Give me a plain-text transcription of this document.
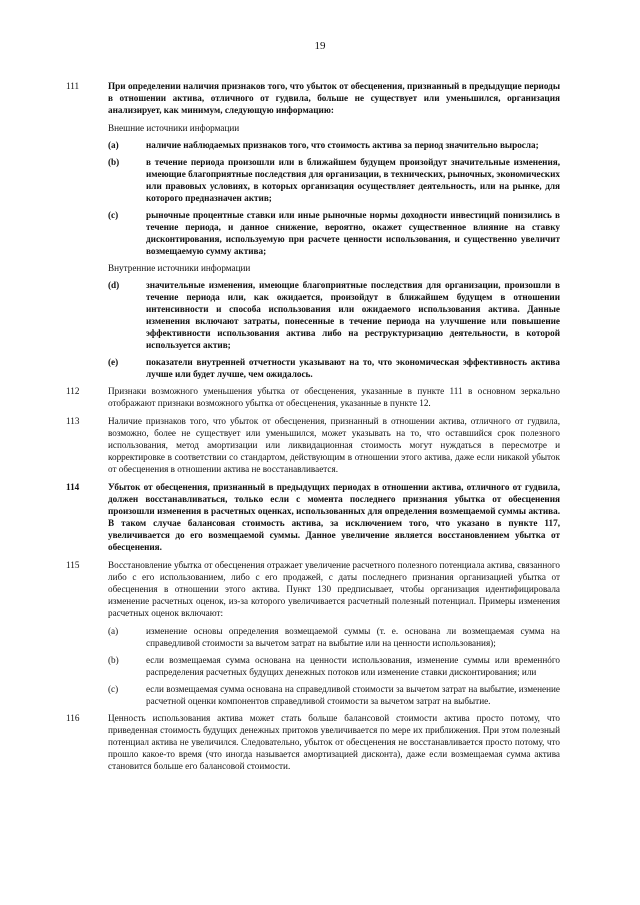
19
111	При определении наличия признаков того, что убыток от обесценения, признанный в предыдущие периоды в отношении актива, отличного от гудвила, больше не существует или уменьшился, организация анализирует, как минимум, следующую информацию:
Внешние источники информации
(a)	наличие наблюдаемых признаков того, что стоимость актива за период значительно выросла;
(b)	в течение периода произошли или в ближайшем будущем произойдут значительные изменения, имеющие благоприятные последствия для организации, в технических, рыночных, экономических или правовых условиях, в которых организация осуществляет деятельность, или на рынке, для которого предназначен актив;
(c)	рыночные процентные ставки или иные рыночные нормы доходности инвестиций понизились в течение периода, и данное снижение, вероятно, окажет существенное влияние на ставку дисконтирования, используемую при расчете ценности использования, и существенно увеличит возмещаемую сумму актива;
Внутренние источники информации
(d)	значительные изменения, имеющие благоприятные последствия для организации, произошли в течение периода или, как ожидается, произойдут в ближайшем будущем в отношении интенсивности и способа использования или ожидаемого использования актива. Данные изменения включают затраты, понесенные в течение периода на улучшение или повышение эффективности использования актива либо на реструктуризацию деятельности, в которой используется актив;
(e)	показатели внутренней отчетности указывают на то, что экономическая эффективность актива лучше или будет лучше, чем ожидалось.
112	Признаки возможного уменьшения убытка от обесценения, указанные в пункте 111 в основном зеркально отображают признаки возможного убытка от обесценения, указанные в пункте 12.
113	Наличие признаков того, что убыток от обесценения, признанный в отношении актива, отличного от гудвила, возможно, более не существует или уменьшился, может указывать на то, что оставшийся срок полезного использования, метод амортизации или ликвидационная стоимость могут нуждаться в пересмотре и корректировке в соответствии со стандартом, действующим в отношении этого актива, даже если никакой убыток от обесценения в отношении актива не восстанавливается.
114	Убыток от обесценения, признанный в предыдущих периодах в отношении актива, отличного от гудвила, должен восстанавливаться, только если с момента последнего признания убытка от обесценения произошли изменения в расчетных оценках, использованных для определения возмещаемой суммы актива. В таком случае балансовая стоимость актива, за исключением того, что указано в пункте 117, увеличивается до его возмещаемой суммы. Данное увеличение является восстановлением убытка от обесценения.
115	Восстановление убытка от обесценения отражает увеличение расчетного полезного потенциала актива, связанного либо с его использованием, либо с его продажей, с даты последнего признания организацией убытка от обесценения в отношении этого актива. Пункт 130 предписывает, чтобы организация идентифицировала изменение расчетных оценок, из-за которого увеличивается расчетный полезный потенциал. Примеры изменения расчетных оценок включают:
(a)	изменение основы определения возмещаемой суммы (т. е. основана ли возмещаемая сумма на справедливой стоимости за вычетом затрат на выбытие или на ценности использования);
(b)	если возмещаемая сумма основана на ценности использования, изменение суммы или временнóго распределения расчетных будущих денежных потоков или изменение ставки дисконтирования; или
(c)	если возмещаемая сумма основана на справедливой стоимости за вычетом затрат на выбытие, изменение расчетной оценки компонентов справедливой стоимости за вычетом затрат на выбытие.
116	Ценность использования актива может стать больше балансовой стоимости актива просто потому, что приведенная стоимость будущих денежных притоков увеличивается по мере их приближения. При этом полезный потенциал актива не увеличился. Следовательно, убыток от обесценения не восстанавливается просто потому, что прошло какое-то время (что иногда называется амортизацией дисконта), даже если возмещаемая сумма актива становится больше его балансовой стоимости.
